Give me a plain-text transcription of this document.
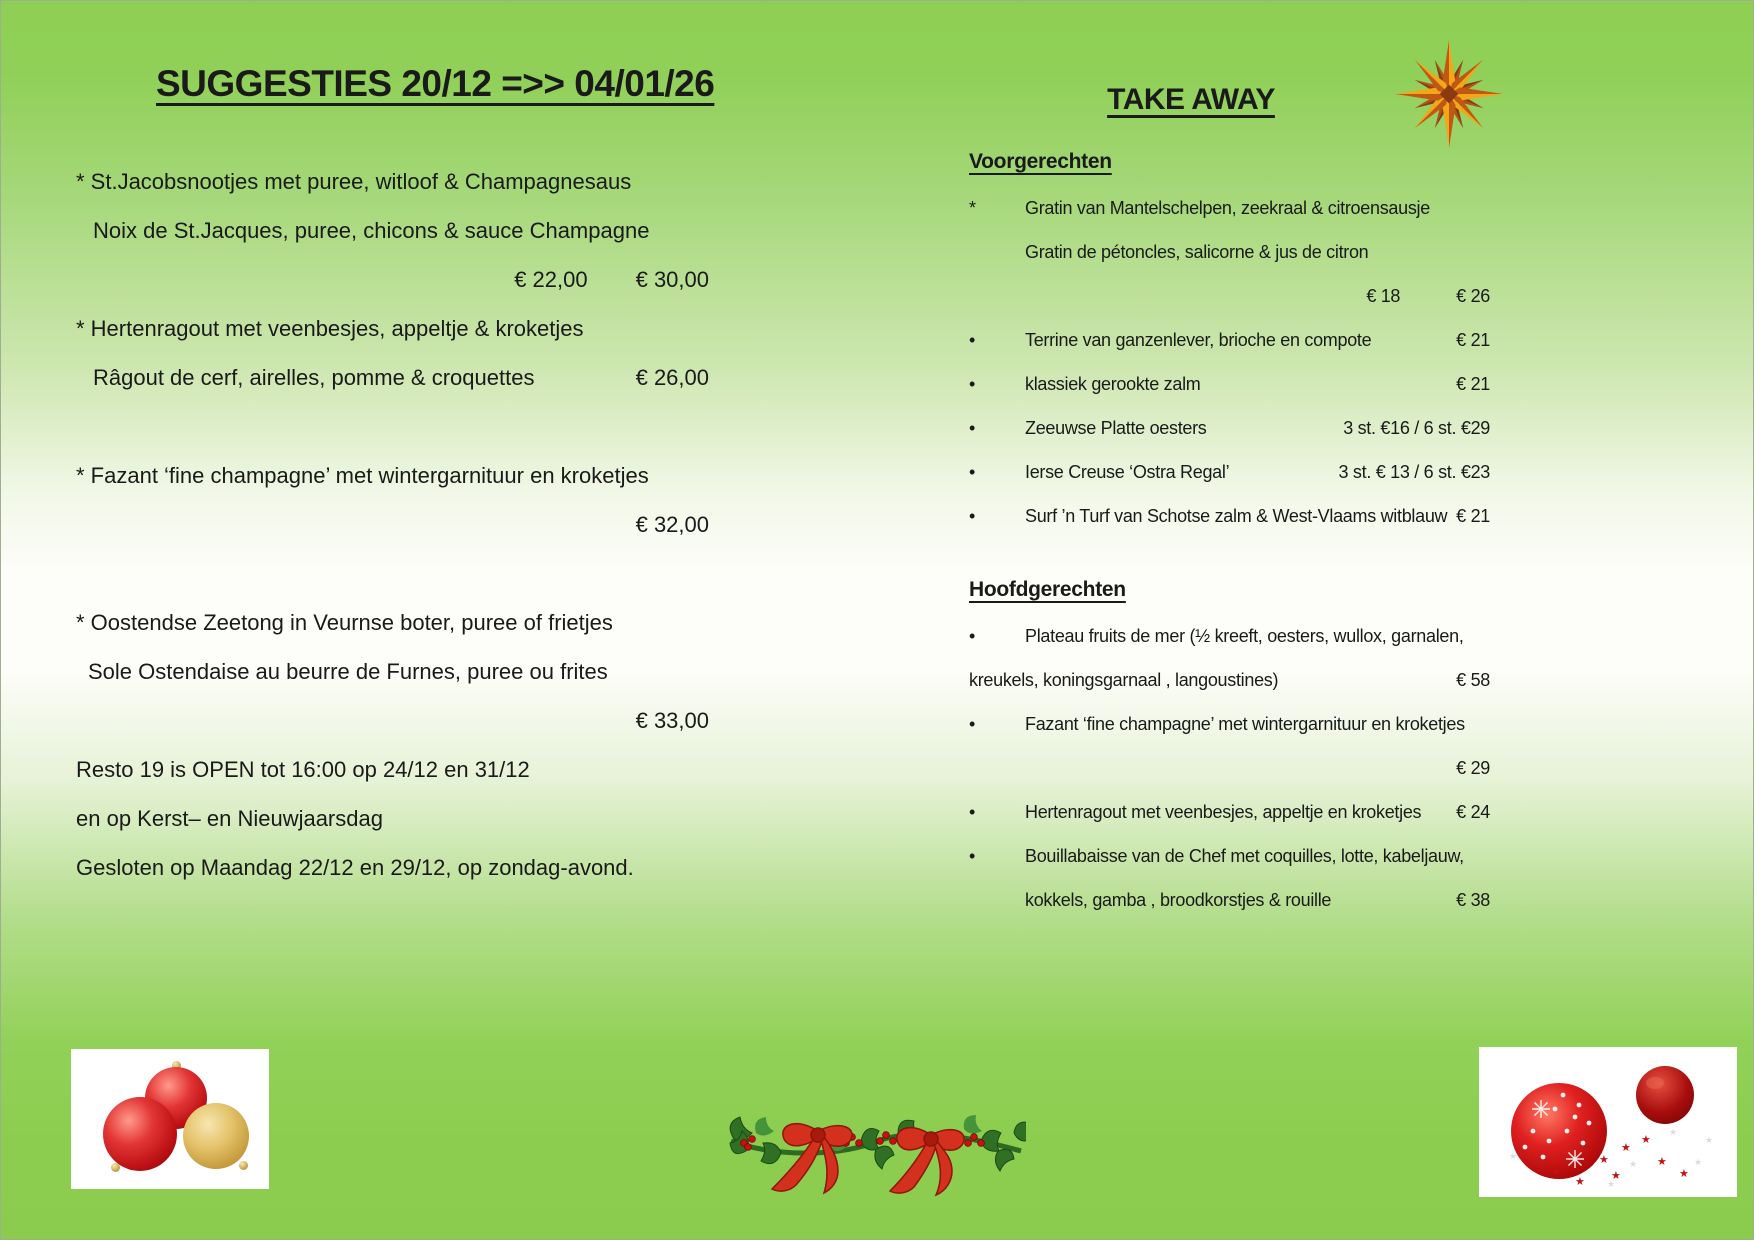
SUGGESTIES 20/12 =>> 04/01/26
* St.Jacobsnootjes met puree, witloof & Champagnesaus
Noix de St.Jacques, puree, chicons & sauce Champagne
€ 22,00 € 30,00
* Hertenragout met veenbesjes, appeltje & kroketjes
Râgout de cerf, airelles, pomme & croquettes	€ 26,00
* Fazant ‘fine champagne’ met wintergarnituur en kroketjes
€ 32,00
* Oostendse Zeetong in Veurnse boter, puree of frietjes
Sole Ostendaise au beurre de Furnes, puree ou frites
€ 33,00
Resto 19 is OPEN tot 16:00 op 24/12 en 31/12
en op Kerst– en Nieuwjaarsdag
Gesloten op Maandag 22/12 en 29/12, op zondag-avond.
TAKE AWAY
Voorgerechten
*	Gratin van Mantelschelpen, zeekraal & citroensausje
Gratin de pétoncles, salicorne & jus de citron
€ 18	€ 26
•	Terrine van ganzenlever, brioche en compote	€ 21
•	klassiek gerookte zalm	€ 21
•	Zeeuwse Platte oesters	3 st. €16 / 6 st. €29
•	Ierse Creuse ‘Ostra Regal’	3 st. € 13 / 6 st. €23
•	Surf ’n Turf van Schotse zalm & West-Vlaams witblauw € 21
Hoofdgerechten
•	Plateau fruits de mer (½ kreeft, oesters, wullox, garnalen,
kreukels, koningsgarnaal , langoustines)	€ 58
•	Fazant ‘fine champagne’ met wintergarnituur en kroketjes
€ 29
•	Hertenragout met veenbesjes, appeltje en kroketjes	€ 24
•	Bouillabaisse van de Chef met coquilles, lotte, kabeljauw,
kokkels, gamba , broodkorstjes & rouille	€ 38
★
★
★
★
★
★
★
★
★
★
★
★
★
★
